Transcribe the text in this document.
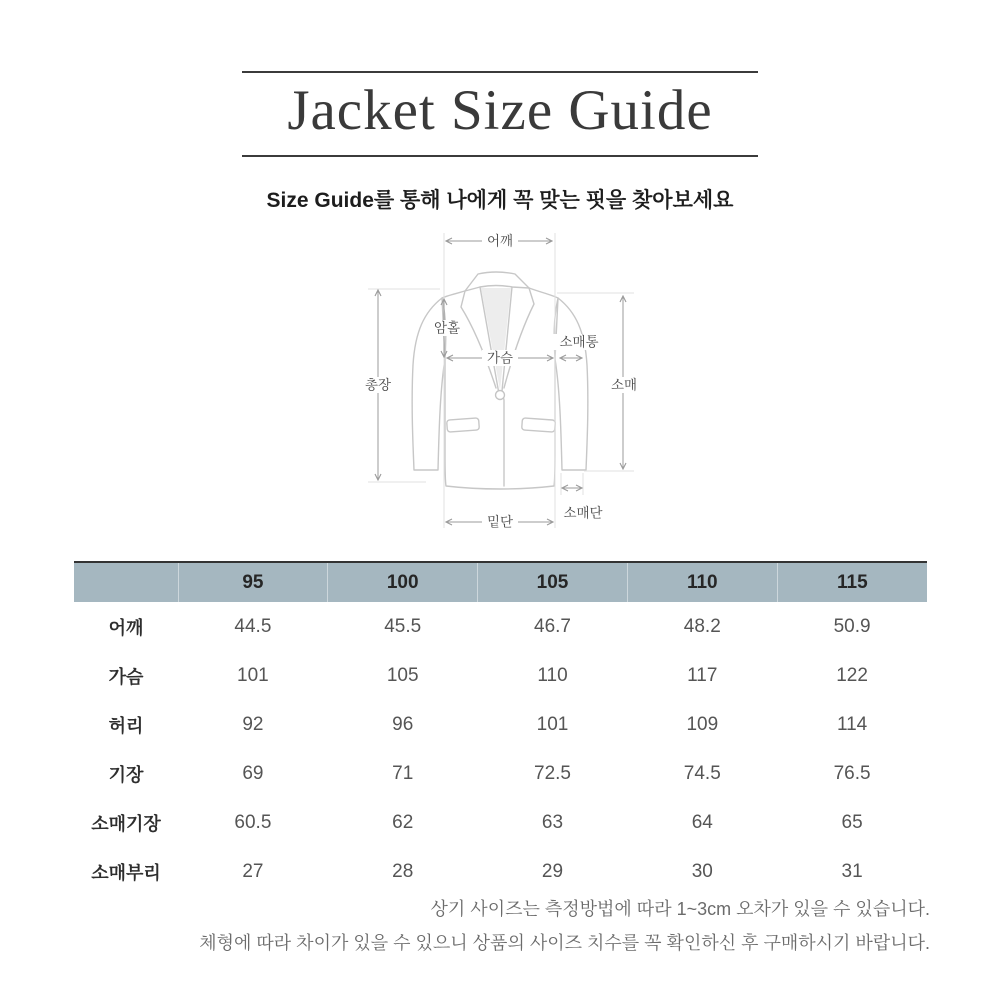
Jacket Size Guide
Size Guide를 통해 나에게 꼭 맞는 핏을 찾아보세요
어깨
총장
암홀
가슴
소매통
소매
소매단
밑단
	95	100	105	110	115
어깨	44.5	45.5	46.7	48.2	50.9
가슴	101	105	110	117	122
허리	92	96	101	109	114
기장	69	71	72.5	74.5	76.5
소매기장	60.5	62	63	64	65
소매부리	27	28	29	30	31
상기 사이즈는 측정방법에 따라 1~3cm 오차가 있을 수 있습니다.
체형에 따라 차이가 있을 수 있으니 상품의 사이즈 치수를 꼭 확인하신 후 구매하시기 바랍니다.
